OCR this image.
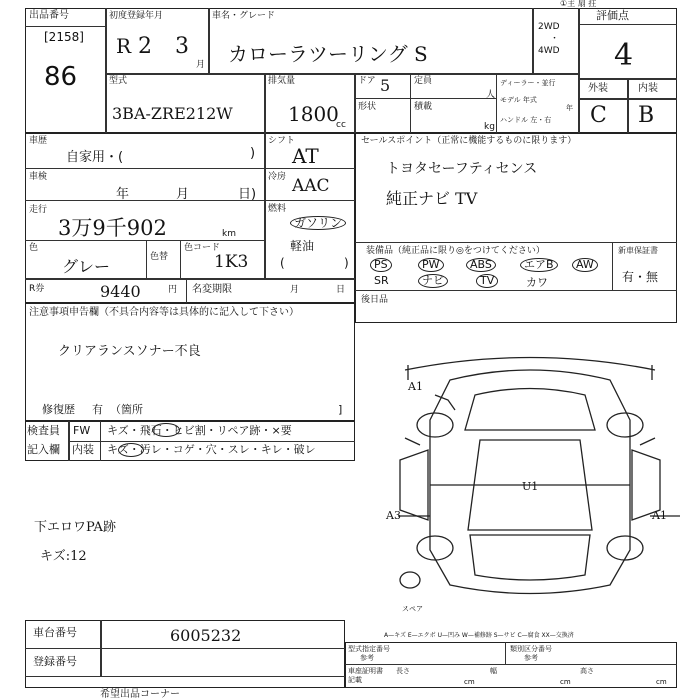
①主 扇 拄
出品番号
[2158]
86
初度登録年月
R 2 3
月
車名・グレード
カローラツーリング S
2WD
・
4WD
評価点
4
外装	内装
C B
型式
3BA-ZRE212W
排気量
1800
cc
ドア 5	定員
人
形状	積載
kg
ディーラー・並行
モデル 年式
年
ハンドル 左・右
車歴
自家用・(	)
シフト
AT
車検
年	月	日)
冷房 AAC
走行
3万9千902	km
燃料
ガソリン
軽油
(	)
色
グレー	色替
色コード
1K3
R券	9440	円 名変期限	月	日
セールスポイント（正常に機能するものに限ります）
トヨタセーフティセンス
純正ナビ TV
装備品（純正品に限り◎をつけてください）	新車保証書
有・無
PS	PW	ABS	エアB	AW
SR	ナビ	TV	カワ
後日品
注意事項申告欄（不具合内容等は具体的に記入して下さい）
クリアランスソナー不良
修復歴 有 （箇所	]
検査員
記入欄
FW キズ・飛石・ヒビ割・リペア跡・×要
内装 キズ・汚レ・コゲ・穴・スレ・キレ・破レ
下エロワPA跡
キズ:12
A1
U1
A3	A1
スペア
車台番号	6005232
登録番号
A—キズ E—エクボ U—凹み W—補修跡 S—サビ C—腐食 XX—交換済
型式指定番号
参考
類別区分番号
参考
車座証明書
記載
長さ
cm
幅
cm
高さ
cm
希望出品コーナー
